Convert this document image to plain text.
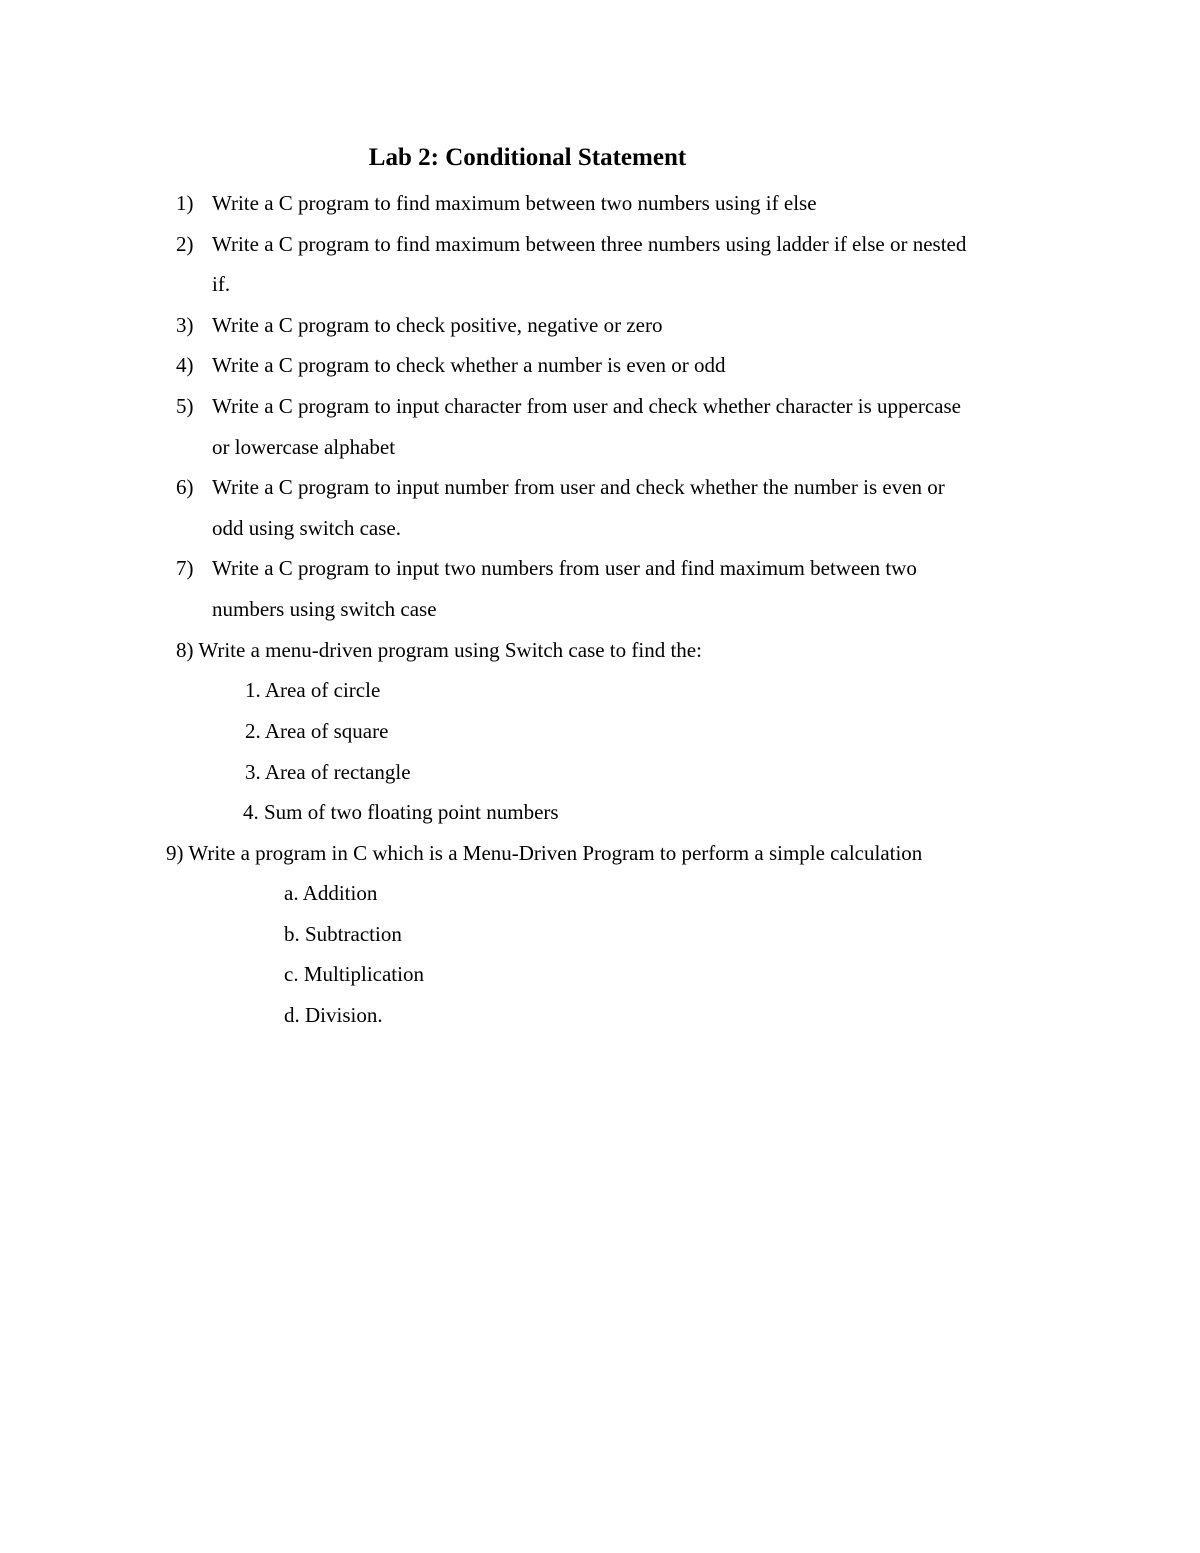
Lab 2: Conditional Statement
1) Write a C program to find maximum between two numbers using if else
2) Write a C program to find maximum between three numbers using ladder if else or nested
if.
3) Write a C program to check positive, negative or zero
4) Write a C program to check whether a number is even or odd
5) Write a C program to input character from user and check whether character is uppercase
or lowercase alphabet
6) Write a C program to input number from user and check whether the number is even or
odd using switch case.
7) Write a C program to input two numbers from user and find maximum between two
numbers using switch case
8) Write a menu-driven program using Switch case to find the:
1. Area of circle
2. Area of square
3. Area of rectangle
4. Sum of two floating point numbers
9) Write a program in C which is a Menu-Driven Program to perform a simple calculation
a. Addition
b. Subtraction
c. Multiplication
d. Division.
